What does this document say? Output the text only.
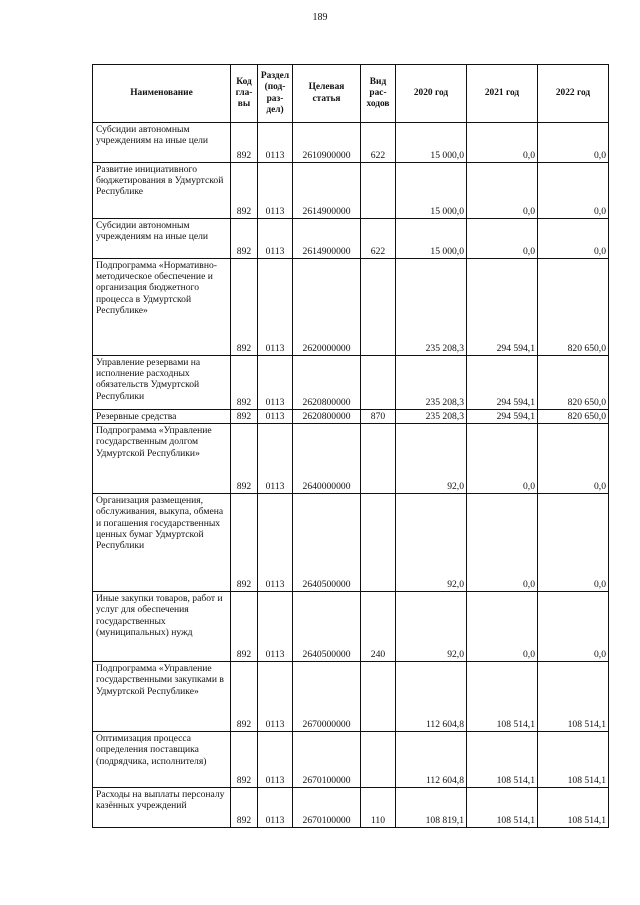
189
Наименование	Код гла-вы	Раздел (под-раз-дел)	Целевая статья	Вид рас-ходов	2020 год	2021 год	2022 год
Субсидии автономным учреждениям на иные цели	892	0113	2610900000	622	15 000,0	0,0	0,0
Развитие инициативного бюджетирования в Удмуртской Республике	892	0113	2614900000		15 000,0	0,0	0,0
Субсидии автономным учреждениям на иные цели	892	0113	2614900000	622	15 000,0	0,0	0,0
Подпрограмма «Нормативно-методическое обеспечение и организация бюджетного процесса в Удмуртской Республике»	892	0113	2620000000		235 208,3	294 594,1	820 650,0
Управление резервами на исполнение расходных обязательств Удмуртской Республики	892	0113	2620800000		235 208,3	294 594,1	820 650,0
Резервные средства	892	0113	2620800000	870	235 208,3	294 594,1	820 650,0
Подпрограмма «Управление государственным долгом Удмуртской Республики»	892	0113	2640000000		92,0	0,0	0,0
Организация размещения, обслуживания, выкупа, обмена и погашения государственных ценных бумаг Удмуртской Республики	892	0113	2640500000		92,0	0,0	0,0
Иные закупки товаров, работ и услуг для обеспечения государственных (муниципальных) нужд	892	0113	2640500000	240	92,0	0,0	0,0
Подпрограмма «Управление государственными закупками в Удмуртской Республике»	892	0113	2670000000		112 604,8	108 514,1	108 514,1
Оптимизация процесса определения поставщика (подрядчика, исполнителя)	892	0113	2670100000		112 604,8	108 514,1	108 514,1
Расходы на выплаты персоналу казённых учреждений	892	0113	2670100000	110	108 819,1	108 514,1	108 514,1
